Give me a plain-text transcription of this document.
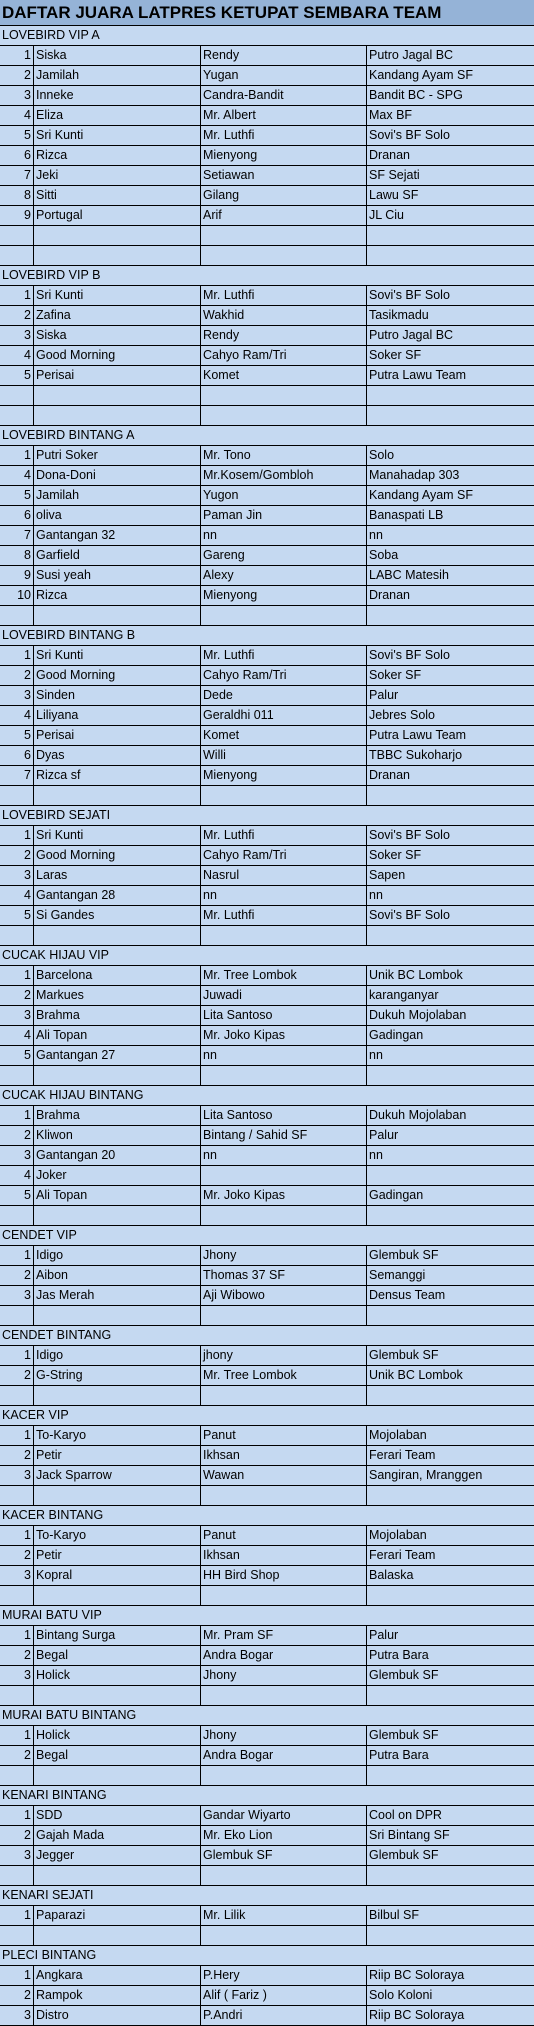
DAFTAR JUARA LATPRES KETUPAT SEMBARA TEAM
LOVEBIRD VIP A
1 Siska	Rendy	Putro Jagal BC
2 Jamilah	Yugan	Kandang Ayam SF
3 Inneke	Candra-Bandit	Bandit BC - SPG
4 Eliza	Mr. Albert	Max BF
5 Sri Kunti	Mr. Luthfi	Sovi's BF Solo
6 Rizca	Mienyong	Dranan
7 Jeki	Setiawan	SF Sejati
8 Sitti	Gilang	Lawu SF
9 Portugal	Arif	JL Ciu
LOVEBIRD VIP B
1 Sri Kunti	Mr. Luthfi	Sovi's BF Solo
2 Zafina	Wakhid	Tasikmadu
3 Siska	Rendy	Putro Jagal BC
4 Good Morning	Cahyo Ram/Tri	Soker SF
5 Perisai	Komet	Putra Lawu Team
LOVEBIRD BINTANG A
1 Putri Soker	Mr. Tono	Solo
4 Dona-Doni	Mr.Kosem/Gombloh	Manahadap 303
5 Jamilah	Yugon	Kandang Ayam SF
6 oliva	Paman Jin	Banaspati LB
7 Gantangan 32	nn	nn
8 Garfield	Gareng	Soba
9 Susi yeah	Alexy	LABC Matesih
10 Rizca	Mienyong	Dranan
LOVEBIRD BINTANG B
1 Sri Kunti	Mr. Luthfi	Sovi's BF Solo
2 Good Morning	Cahyo Ram/Tri	Soker SF
3 Sinden	Dede	Palur
4 Liliyana	Geraldhi 011	Jebres Solo
5 Perisai	Komet	Putra Lawu Team
6 Dyas	Willi	TBBC Sukoharjo
7 Rizca sf	Mienyong	Dranan
LOVEBIRD SEJATI
1 Sri Kunti	Mr. Luthfi	Sovi's BF Solo
2 Good Morning	Cahyo Ram/Tri	Soker SF
3 Laras	Nasrul	Sapen
4 Gantangan 28	nn	nn
5 Si Gandes	Mr. Luthfi	Sovi's BF Solo
CUCAK HIJAU VIP
1 Barcelona	Mr. Tree Lombok	Unik BC Lombok
2 Markues	Juwadi	karanganyar
3 Brahma	Lita Santoso	Dukuh Mojolaban
4 Ali Topan	Mr. Joko Kipas	Gadingan
5 Gantangan 27	nn	nn
CUCAK HIJAU BINTANG
1 Brahma	Lita Santoso	Dukuh Mojolaban
2 Kliwon	Bintang / Sahid SF	Palur
3 Gantangan 20	nn	nn
4 Joker
5 Ali Topan	Mr. Joko Kipas	Gadingan
CENDET VIP
1 Idigo	Jhony	Glembuk SF
2 Aibon	Thomas 37 SF	Semanggi
3 Jas Merah	Aji Wibowo	Densus Team
CENDET BINTANG
1 Idigo	jhony	Glembuk SF
2 G-String	Mr. Tree Lombok	Unik BC Lombok
KACER VIP
1 To-Karyo	Panut	Mojolaban
2 Petir	Ikhsan	Ferari Team
3 Jack Sparrow	Wawan	Sangiran, Mranggen
KACER BINTANG
1 To-Karyo	Panut	Mojolaban
2 Petir	Ikhsan	Ferari Team
3 Kopral	HH Bird Shop	Balaska
MURAI BATU VIP
1 Bintang Surga	Mr. Pram SF	Palur
2 Begal	Andra Bogar	Putra Bara
3 Holick	Jhony	Glembuk SF
MURAI BATU BINTANG
1 Holick	Jhony	Glembuk SF
2 Begal	Andra Bogar	Putra Bara
KENARI BINTANG
1 SDD	Gandar Wiyarto	Cool on DPR
2 Gajah Mada	Mr. Eko Lion	Sri Bintang SF
3 Jegger	Glembuk SF	Glembuk SF
KENARI SEJATI
1 Paparazi	Mr. Lilik	Bilbul SF
PLECI BINTANG
1 Angkara	P.Hery	Riip BC Soloraya
2 Rampok	Alif ( Fariz )	Solo Koloni
3 Distro	P.Andri	Riip BC Soloraya
